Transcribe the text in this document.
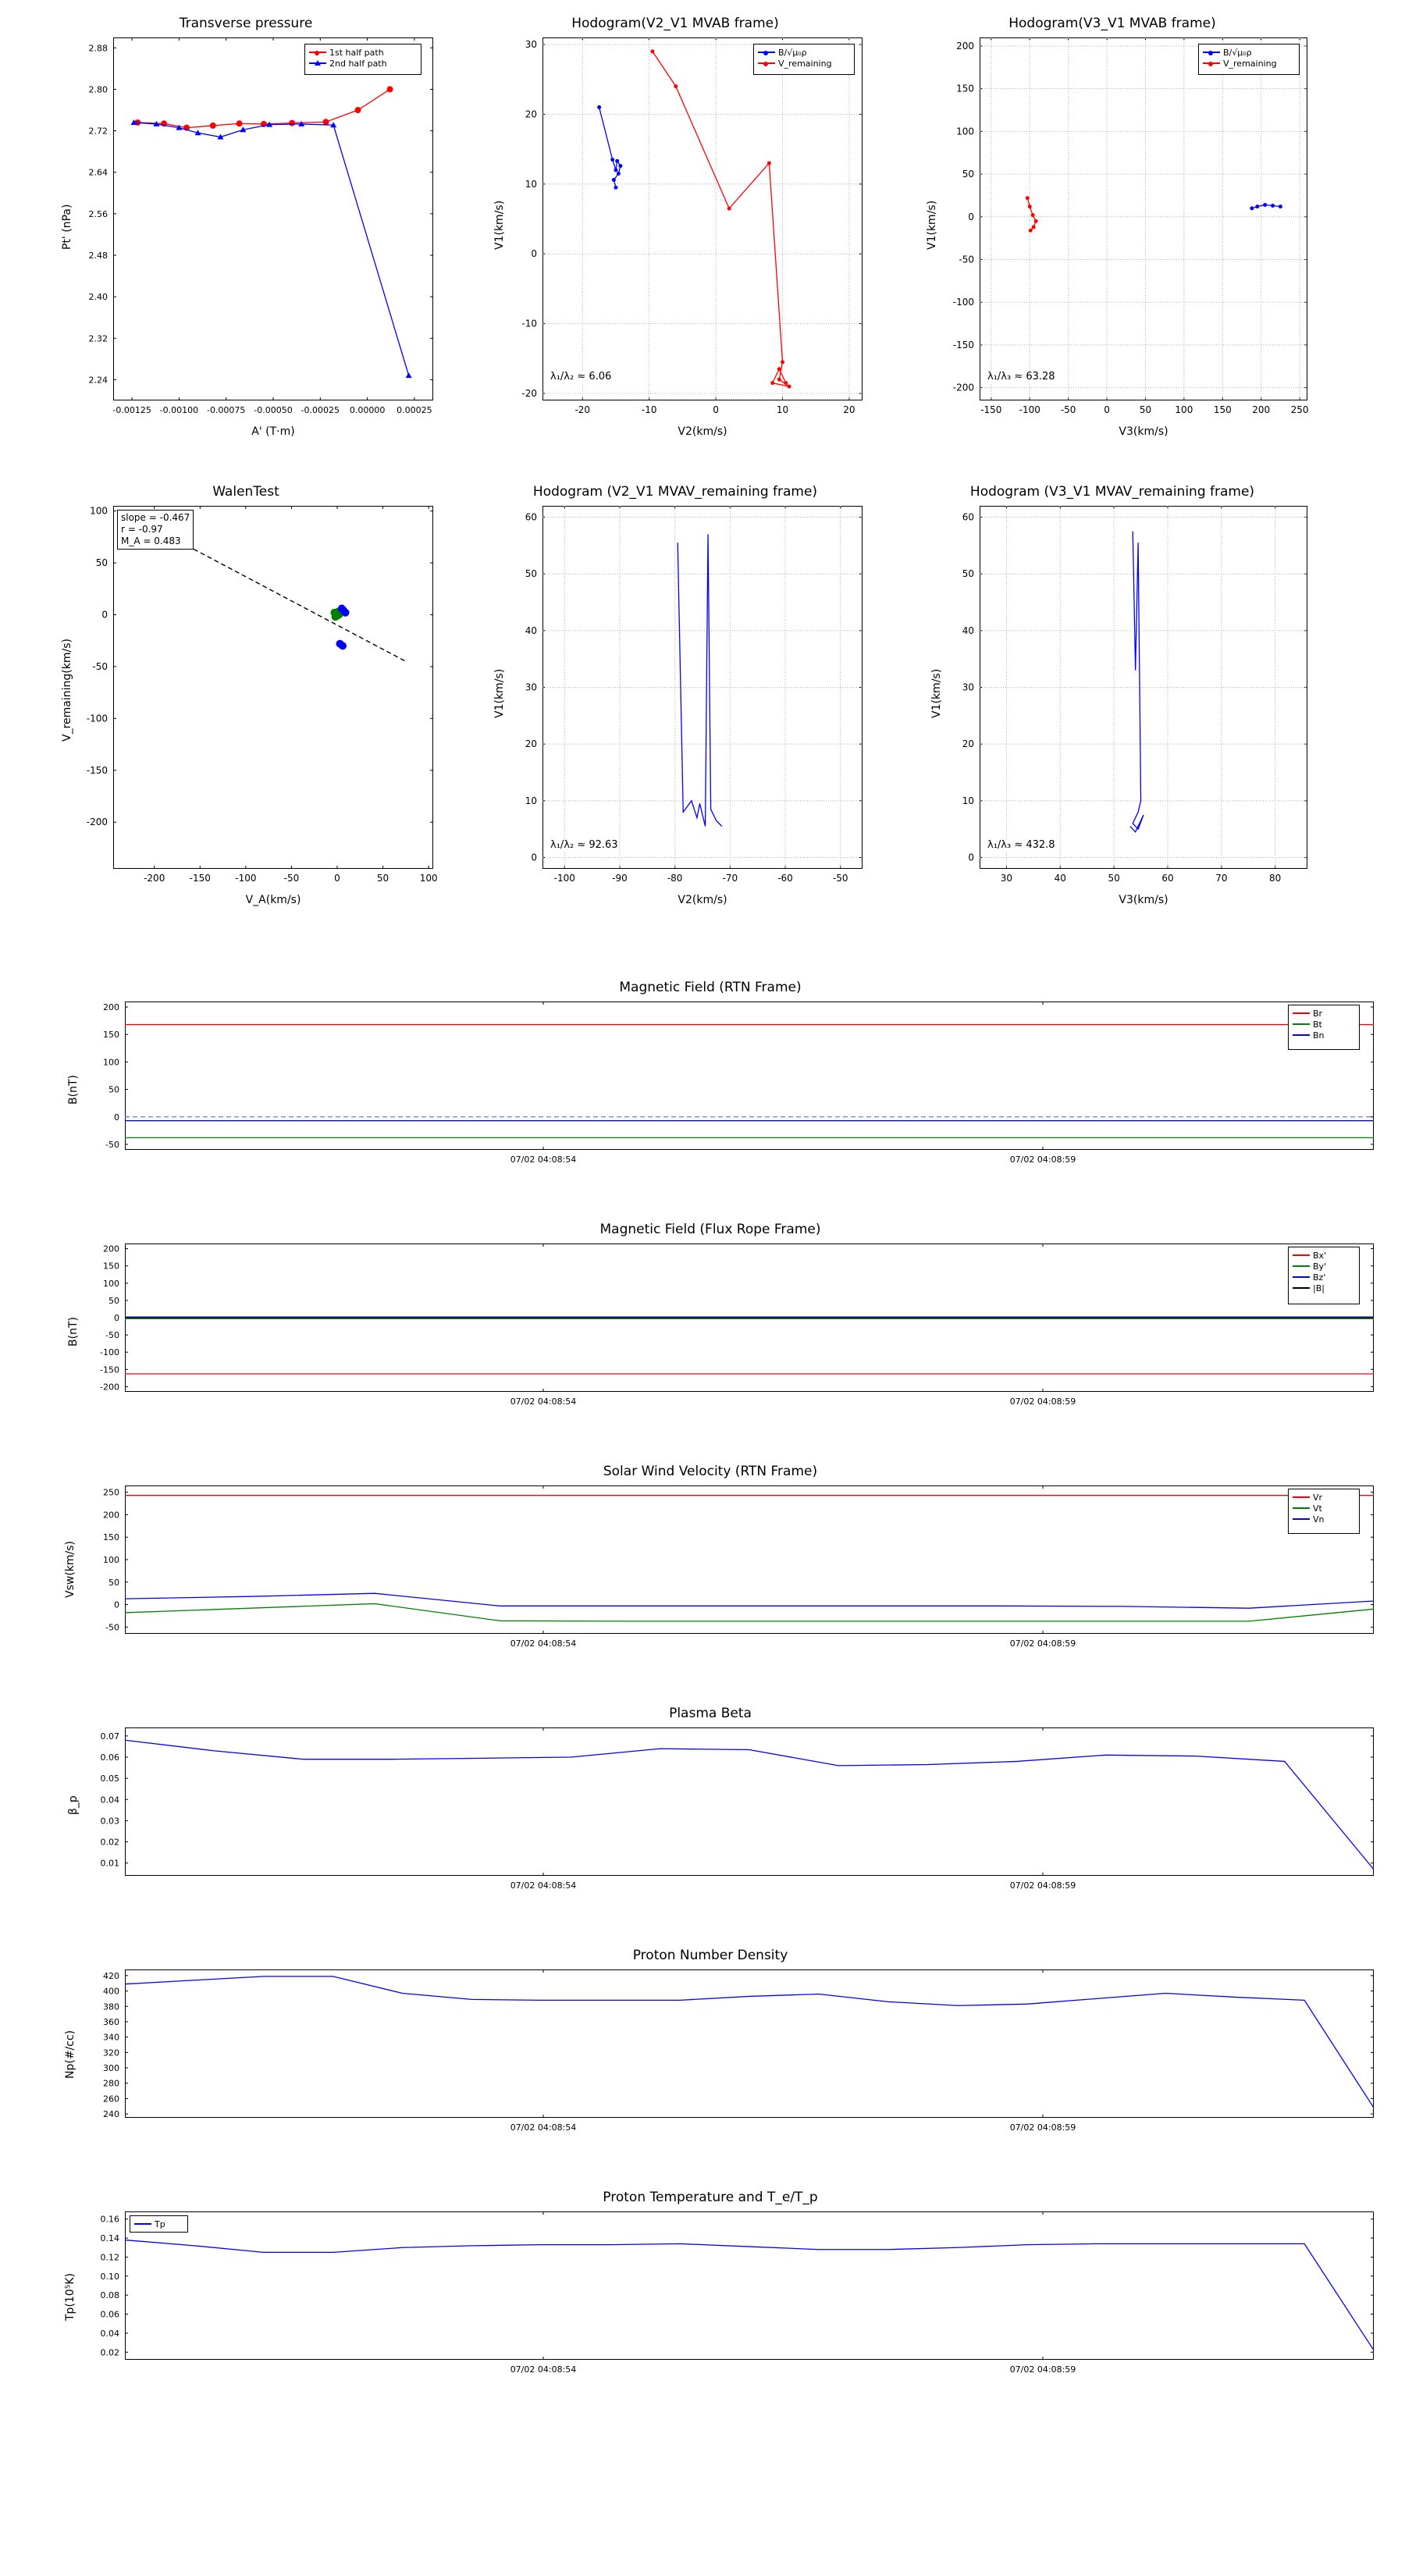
Transverse pressure
Pt' (nPa)
A' (T·m)
-0.00125 -0.00100 -0.00075 -0.00050 -0.00025 0.00000 0.00025
2.24
2.32
2.40
2.48
2.56
2.64
2.72
2.80
2.88	1st half path
2nd half path
Hodogram(V2_V1 MVAB frame)
V1(km/s)
V2(km/s)
-20	-10	0	10	20
-20
-10
0
10
20
30
B/√μ₀ρ
V_remaining
λ₁/λ₂ ≈ 6.06
Hodogram(V3_V1 MVAB frame)
V1(km/s)
V3(km/s)
-150 -100 -50	0	50	100 150 200 250
-200
-150
-100
-50
0
50
100
150
200
B/√μ₀ρ
V_remaining
λ₁/λ₃ ≈ 63.28
WalenTest
V_remaining(km/s)
V_A(km/s)
-200	-150	-100	-50	0	50	100
-200
-150
-100
-50
0
50
100
slope = -0.467
r = -0.97
M_A = 0.483
Hodogram (V2_V1 MVAV_remaining frame)
V1(km/s)
V2(km/s)
-100	-90	-80	-70	-60	-50
0
10
20
30
40
50
60
λ₁/λ₂ ≈ 92.63
Hodogram (V3_V1 MVAV_remaining frame)
V1(km/s)
V3(km/s)
30	40	50	60	70	80
0
10
20
30
40
50
60
λ₁/λ₃ ≈ 432.8
Magnetic Field (RTN Frame)
B(nT)
07/02 04:08:54	07/02 04:08:59
-50
0
50
100
150
200
Br
Bt
Bn
Magnetic Field (Flux Rope Frame)
B(nT)
07/02 04:08:54	07/02 04:08:59
-200
-150
-100
-50
0
50
100
150
200
Bx'
By'
Bz'
|B|
Solar Wind Velocity (RTN Frame)
Vsw(km/s)
07/02 04:08:54	07/02 04:08:59
-50
0
50
100
150
200
250	Vr
Vt
Vn
Plasma Beta
β_p
07/02 04:08:54	07/02 04:08:59
0.01
0.02
0.03
0.04
0.05
0.06
0.07
Proton Number Density
Np(#/cc)
07/02 04:08:54	07/02 04:08:59
240
260
280
300
320
340
360
380
400
420
Proton Temperature and T_e/T_p
Tp(10⁵K)
07/02 04:08:54	07/02 04:08:59
0.02
0.04
0.06
0.08
0.10
0.12
0.14
0.16	Tp
